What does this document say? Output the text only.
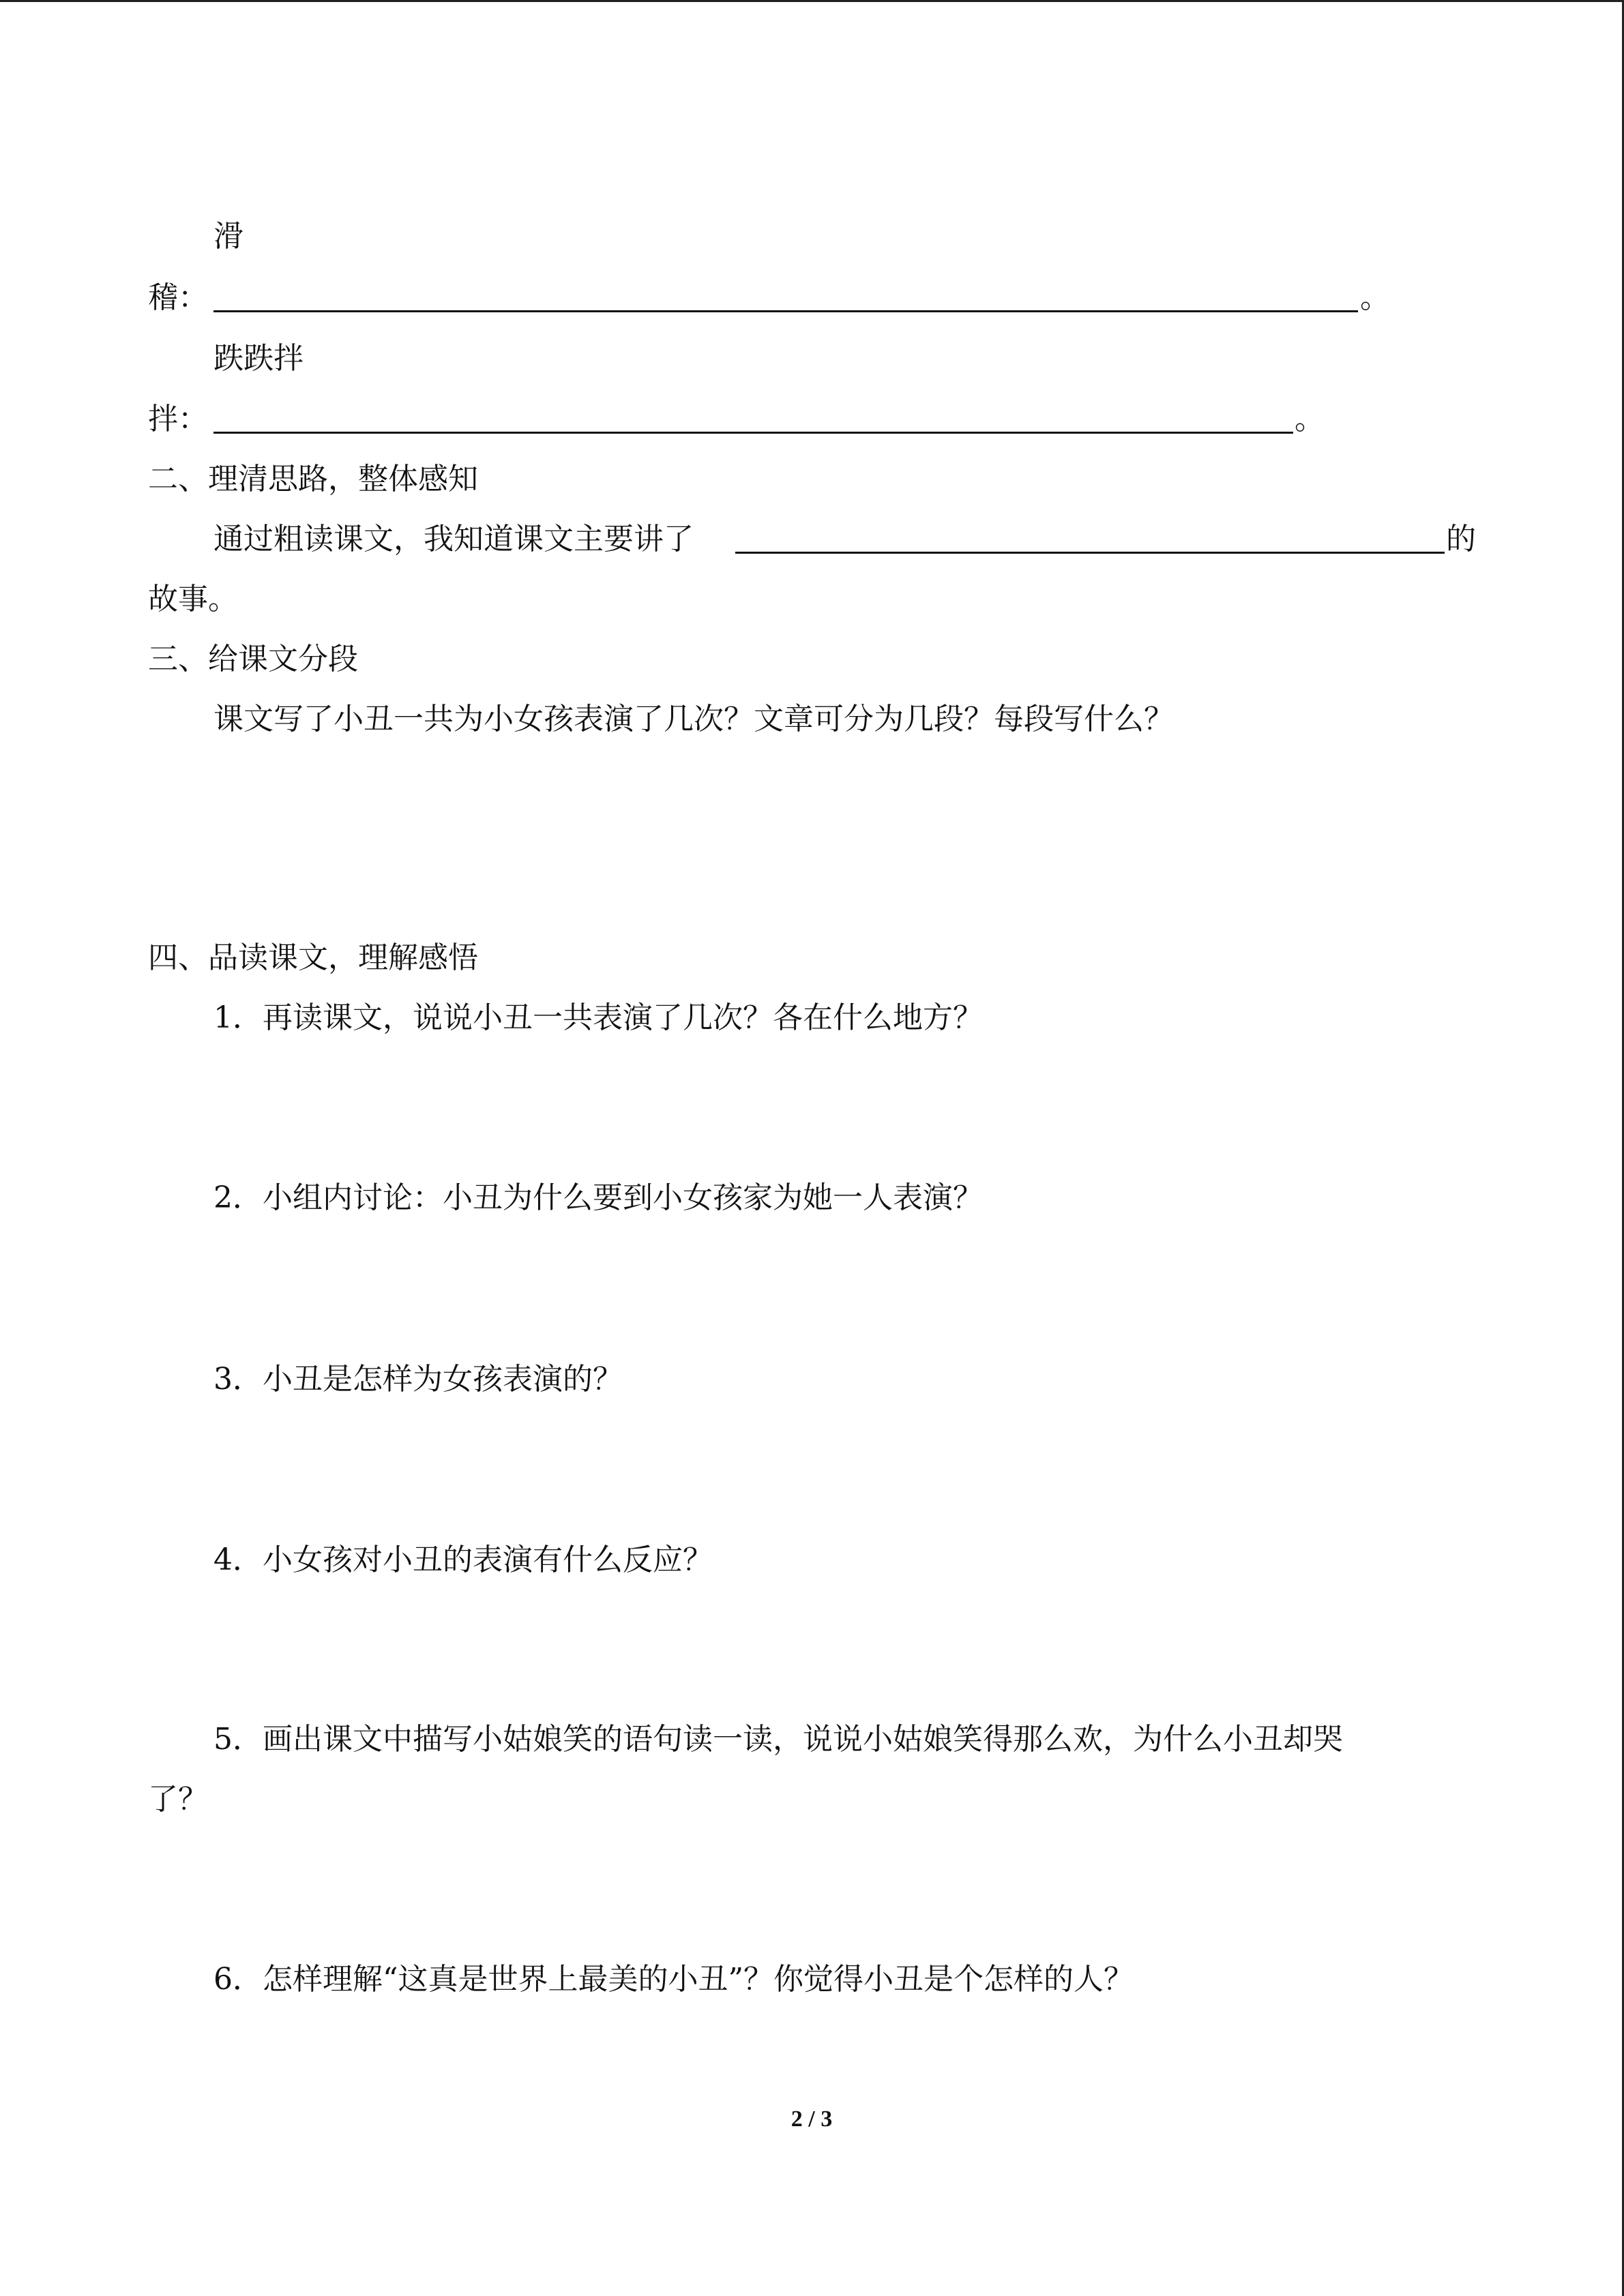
滑
稽：	。
跌跌拌
拌：	。
二、理清思路，整体感知
通过粗读课文，我知道课文主要讲了	的
故事。
三、给课文分段
课文写了小丑一共为小女孩表演了几次？文章可分为几段？每段写什么？
四、品读课文，理解感悟
1．再读课文，说说小丑一共表演了几次？各在什么地方？
2．小组内讨论：小丑为什么要到小女孩家为她一人表演？
3．小丑是怎样为女孩表演的？
4．小女孩对小丑的表演有什么反应？
5．画出课文中描写小姑娘笑的语句读一读，说说小姑娘笑得那么欢，为什么小丑却哭
了？
6．怎样理解“这真是世界上最美的小丑”？你觉得小丑是个怎样的人？
2 / 3
